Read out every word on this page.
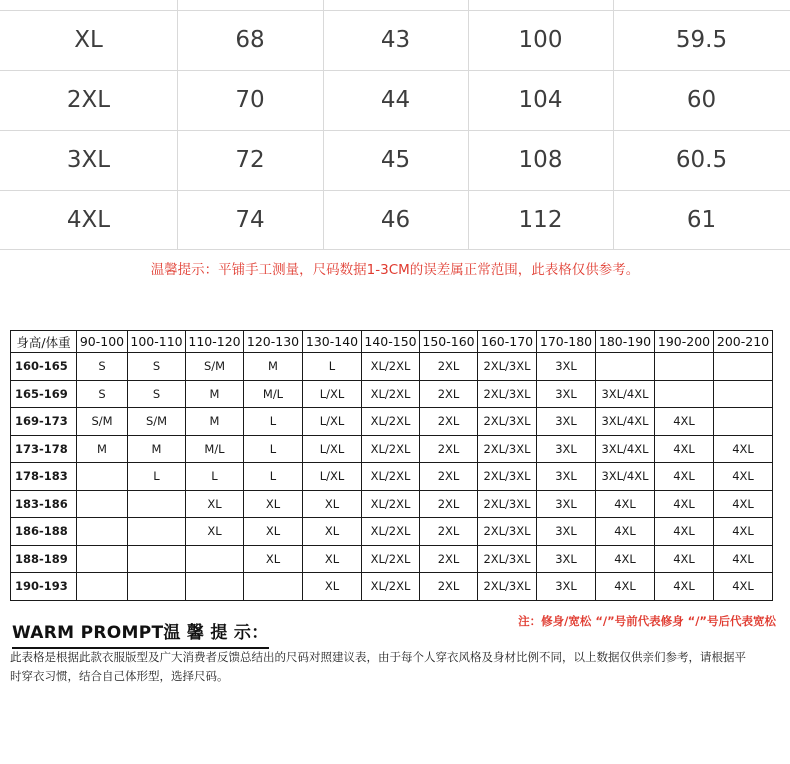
XL	68	43	100	59.5
2XL	70	44	104	60
3XL	72	45	108	60.5
4XL	74	46	112	61
温馨提示：平铺手工测量，尺码数据1-3CM的误差属正常范围，此表格仅供参考。
身高/体重	90-100	100-110	110-120	120-130	130-140	140-150	150-160	160-170	170-180	180-190	190-200	200-210
160-165	S	S	S/M	M	L	XL/2XL	2XL	2XL/3XL	3XL			
165-169	S	S	M	M/L	L/XL	XL/2XL	2XL	2XL/3XL	3XL	3XL/4XL		
169-173	S/M	S/M	M	L	L/XL	XL/2XL	2XL	2XL/3XL	3XL	3XL/4XL	4XL	
173-178	M	M	M/L	L	L/XL	XL/2XL	2XL	2XL/3XL	3XL	3XL/4XL	4XL	4XL
178-183		L	L	L	L/XL	XL/2XL	2XL	2XL/3XL	3XL	3XL/4XL	4XL	4XL
183-186			XL	XL	XL	XL/2XL	2XL	2XL/3XL	3XL	4XL	4XL	4XL
186-188			XL	XL	XL	XL/2XL	2XL	2XL/3XL	3XL	4XL	4XL	4XL
188-189				XL	XL	XL/2XL	2XL	2XL/3XL	3XL	4XL	4XL	4XL
190-193					XL	XL/2XL	2XL	2XL/3XL	3XL	4XL	4XL	4XL
注：修身/宽松 “/”号前代表修身 “/”号后代表宽松
WARM PROMPT温 馨 提 示：
此表格是根据此款衣服版型及广大消费者反馈总结出的尺码对照建议表，由于每个人穿衣风格及身材比例不同，以上数据仅供亲们参考，请根据平时穿衣习惯，结合自己体形型，选择尺码。
